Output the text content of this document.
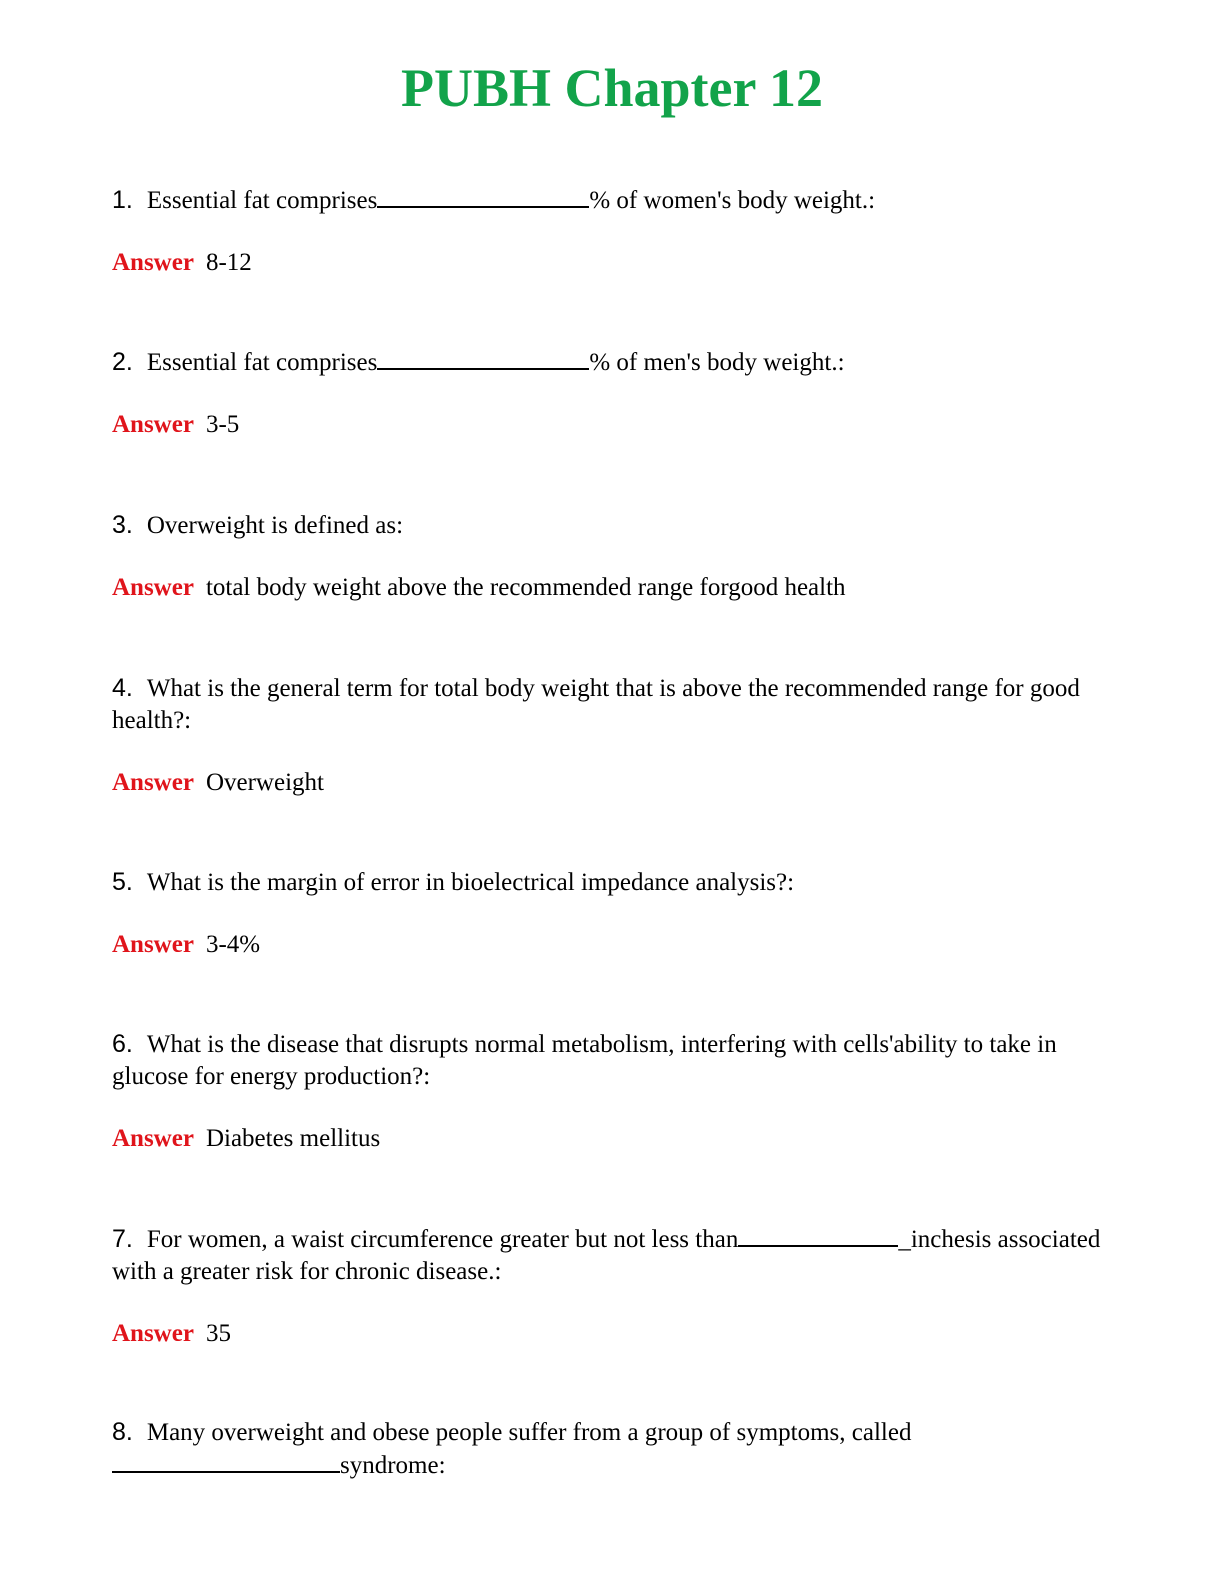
PUBH Chapter 12

1. Essential fat comprises	% of women's body weight.:

Answer 8-12

2. Essential fat comprises	% of men's body weight.:

Answer 3-5

3. Overweight is defined as:

Answer total body weight above the recommended range forgood health

4. What is the general term for total body weight that is above the recommended range for good health?:

Answer Overweight

5. What is the margin of error in bioelectrical impedance analysis?:

Answer 3-4%

6. What is the disease that disrupts normal metabolism, interfering with cells'ability to take in glucose for energy production?:

Answer Diabetes mellitus

7. For women, a waist circumference greater but not less than	_inchesis associated with a greater risk for chronic disease.:

Answer 35

8. Many overweight and obese people suffer from a group of symptoms, called
syndrome:
